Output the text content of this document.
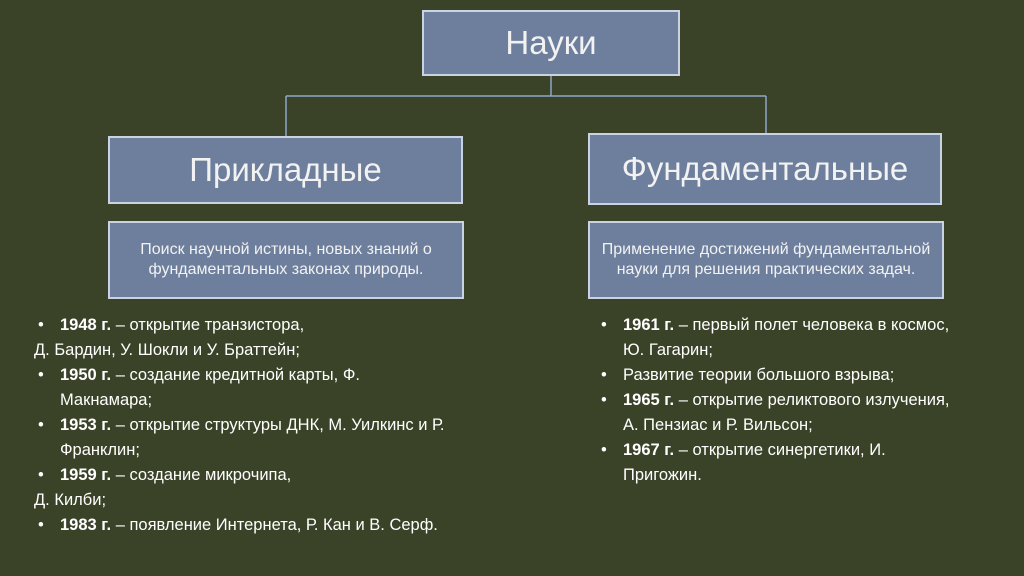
Науки
Прикладные	Фундаментальные
Поиск научной истины, новых знаний о фундаментальных законах природы.
Применение достижений фундаментальной науки для решения практических задач.
• 1948 г. – открытие транзистора,
Д. Бардин, У. Шокли и У. Браттейн;
• 1950 г. – создание кредитной карты, Ф. Макнамара;
• 1953 г. – открытие структуры ДНК, М. Уилкинс и Р. Франклин;
• 1959 г. – создание микрочипа,
Д. Килби;
• 1983 г. – появление Интернета, Р. Кан и В. Серф.
• 1961 г. – первый полет человека в космос, Ю. Гагарин;
• Развитие теории большого взрыва;
• 1965 г. – открытие реликтового излучения, А. Пензиас и Р. Вильсон;
• 1967 г. – открытие синергетики, И. Пригожин.
